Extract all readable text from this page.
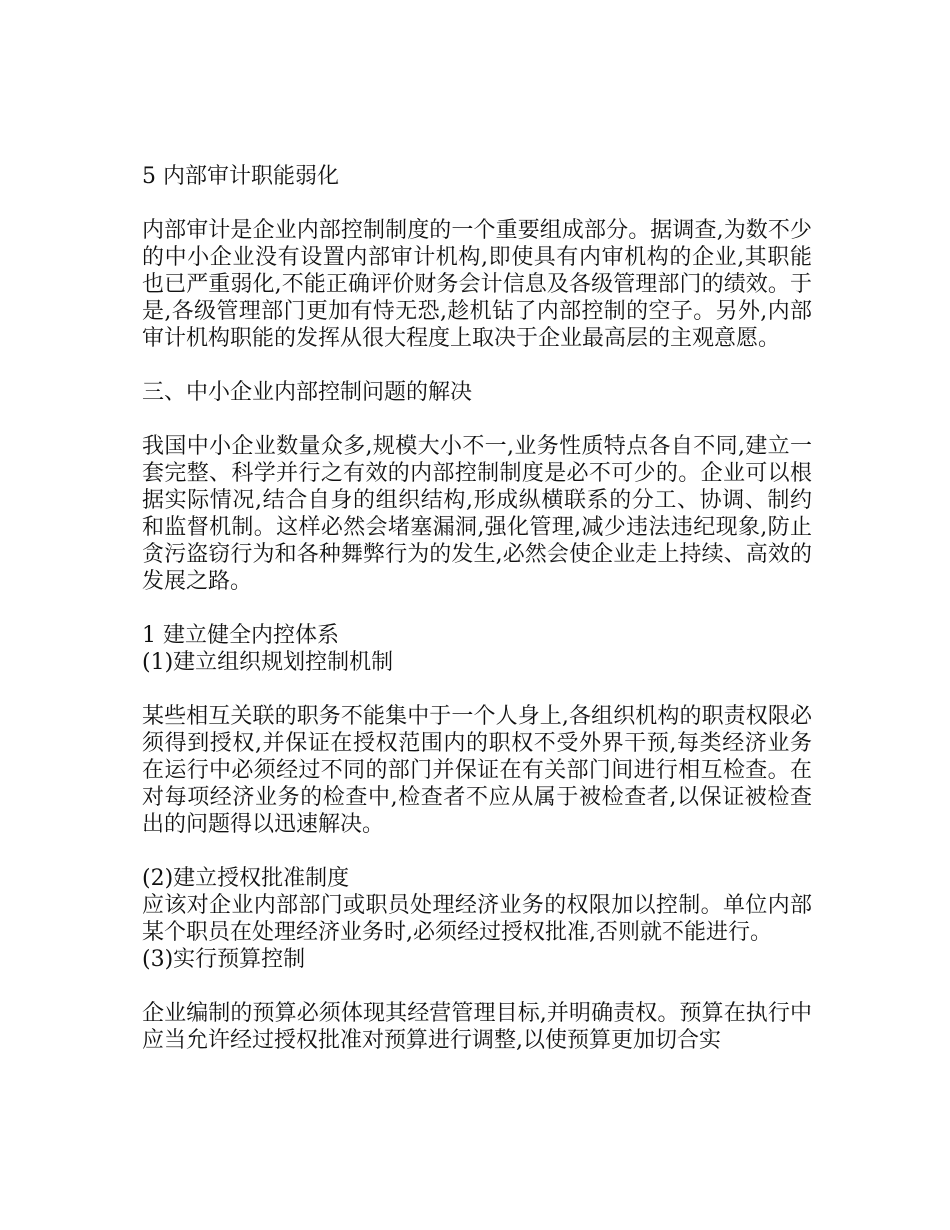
5 内部审计职能弱化

内部审计是企业内部控制制度的一个重要组成部分。据调查,为数不少的中小企业没有设置内部审计机构,即使具有内审机构的企业,其职能也已严重弱化,不能正确评价财务会计信息及各级管理部门的绩效。于是,各级管理部门更加有恃无恐,趁机钻了内部控制的空子。另外,内部审计机构职能的发挥从很大程度上取决于企业最高层的主观意愿。

三、中小企业内部控制问题的解决

我国中小企业数量众多,规模大小不一,业务性质特点各自不同,建立一套完整、科学并行之有效的内部控制制度是必不可少的。企业可以根据实际情况,结合自身的组织结构,形成纵横联系的分工、协调、制约和监督机制。这样必然会堵塞漏洞,强化管理,减少违法违纪现象,防止贪污盗窃行为和各种舞弊行为的发生,必然会使企业走上持续、高效的发展之路。

1 建立健全内控体系

(1)建立组织规划控制机制

某些相互关联的职务不能集中于一个人身上,各组织机构的职责权限必须得到授权,并保证在授权范围内的职权不受外界干预,每类经济业务在运行中必须经过不同的部门并保证在有关部门间进行相互检查。在对每项经济业务的检查中,检查者不应从属于被检查者,以保证被检查出的问题得以迅速解决。

(2)建立授权批准制度

应该对企业内部部门或职员处理经济业务的权限加以控制。单位内部某个职员在处理经济业务时,必须经过授权批准,否则就不能进行。

(3)实行预算控制

企业编制的预算必须体现其经营管理目标,并明确责权。预算在执行中应当允许经过授权批准对预算进行调整,以使预算更加切合实
